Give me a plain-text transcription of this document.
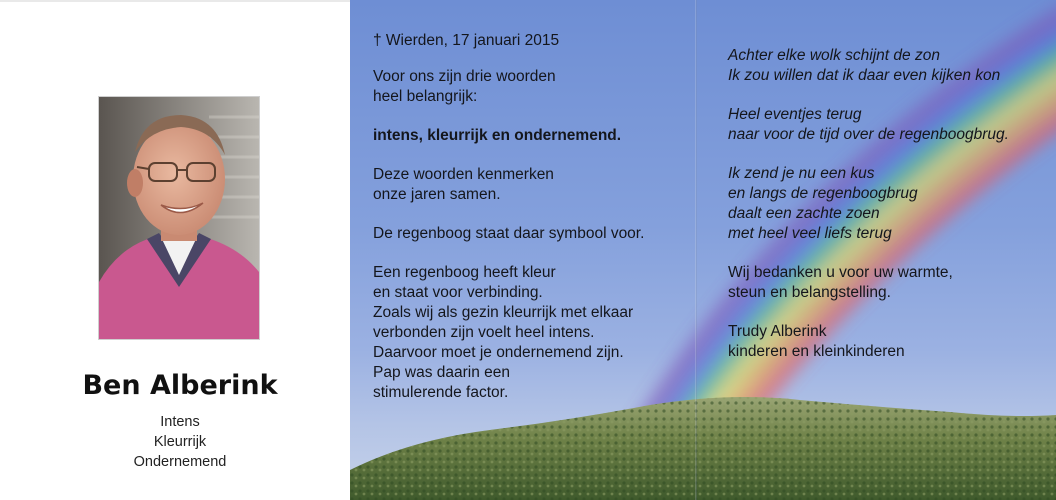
Ben Alberink
Intens
Kleurrijk
Ondernemend

† Wierden, 17 januari 2015

Voor ons zijn drie woorden
heel belangrijk:

intens, kleurrijk en ondernemend.

Deze woorden kenmerken
onze jaren samen.

De regenboog staat daar symbool voor.

Een regenboog heeft kleur
en staat voor verbinding.
Zoals wij als gezin kleurrijk met elkaar
verbonden zijn voelt heel intens.
Daarvoor moet je ondernemend zijn.
Pap was daarin een
stimulerende factor.

Achter elke wolk schijnt de zon
Ik zou willen dat ik daar even kijken kon

Heel eventjes terug
naar voor de tijd over de regenboogbrug.

Ik zend je nu een kus
en langs de regenboogbrug
daalt een zachte zoen
met heel veel liefs terug

Wij bedanken u voor uw warmte,
steun en belangstelling.

Trudy Alberink
kinderen en kleinkinderen
